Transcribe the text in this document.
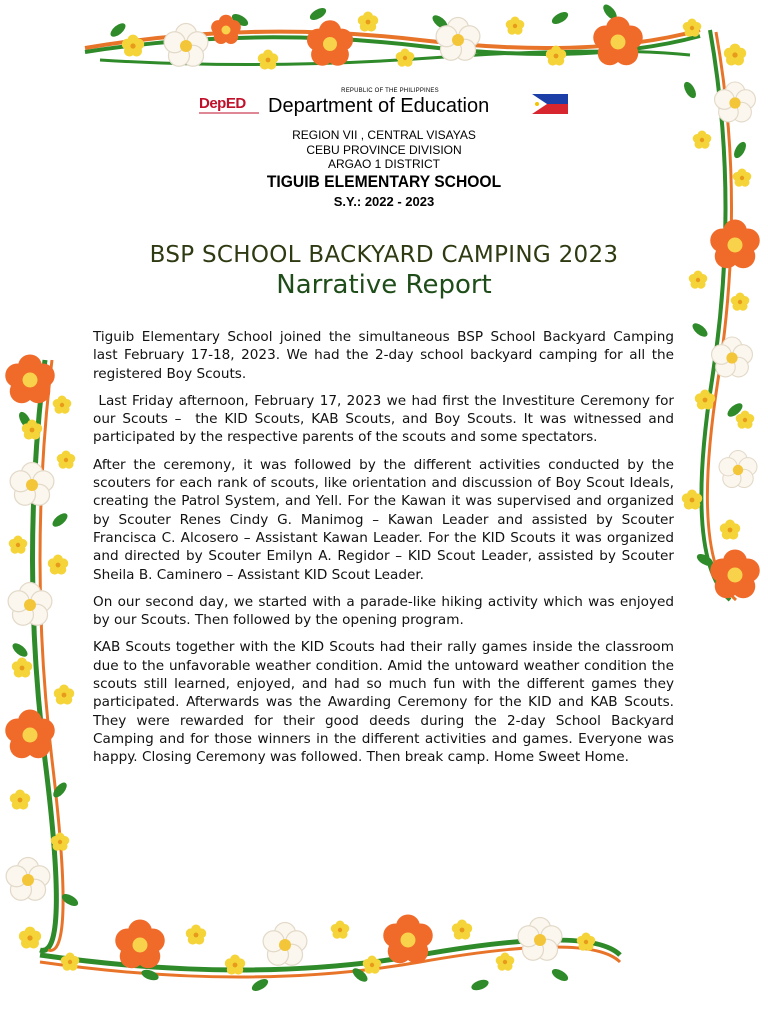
DepED
REPUBLIC OF THE PHILIPPINES
Department of Education
REGION VII , CENTRAL VISAYAS
CEBU PROVINCE DIVISION
ARGAO 1 DISTRICT
TIGUIB ELEMENTARY SCHOOL
S.Y.: 2022 - 2023
BSP SCHOOL BACKYARD CAMPING 2023
Narrative Report

Tiguib Elementary School joined the simultaneous BSP School Backyard Camping last February 17-18, 2023. We had the 2-day school backyard camping for all the registered Boy Scouts.

Last Friday afternoon, February 17, 2023 we had first the Investiture Ceremony for our Scouts –  the KID Scouts, KAB Scouts, and Boy Scouts. It was witnessed and participated by the respective parents of the scouts and some spectators.

After the ceremony, it was followed by the different activities conducted by the scouters for each rank of scouts, like orientation and discussion of Boy Scout Ideals, creating the Patrol System, and Yell. For the Kawan it was supervised and organized by Scouter Renes Cindy G. Manimog – Kawan Leader and assisted by Scouter Francisca C. Alcosero – Assistant Kawan Leader. For the KID Scouts it was organized and directed by Scouter Emilyn A. Regidor – KID Scout Leader, assisted by Scouter Sheila B. Caminero – Assistant KID Scout Leader.

On our second day, we started with a parade-like hiking activity which was enjoyed by our Scouts. Then followed by the opening program.

KAB Scouts together with the KID Scouts had their rally games inside the classroom due to the unfavorable weather condition. Amid the untoward weather condition the scouts still learned, enjoyed, and had so much fun with the different games they participated. Afterwards was the Awarding Ceremony for the KID and KAB Scouts. They were rewarded for their good deeds during the 2-day School Backyard Camping and for those winners in the different activities and games. Everyone was happy. Closing Ceremony was followed. Then break camp. Home Sweet Home.
